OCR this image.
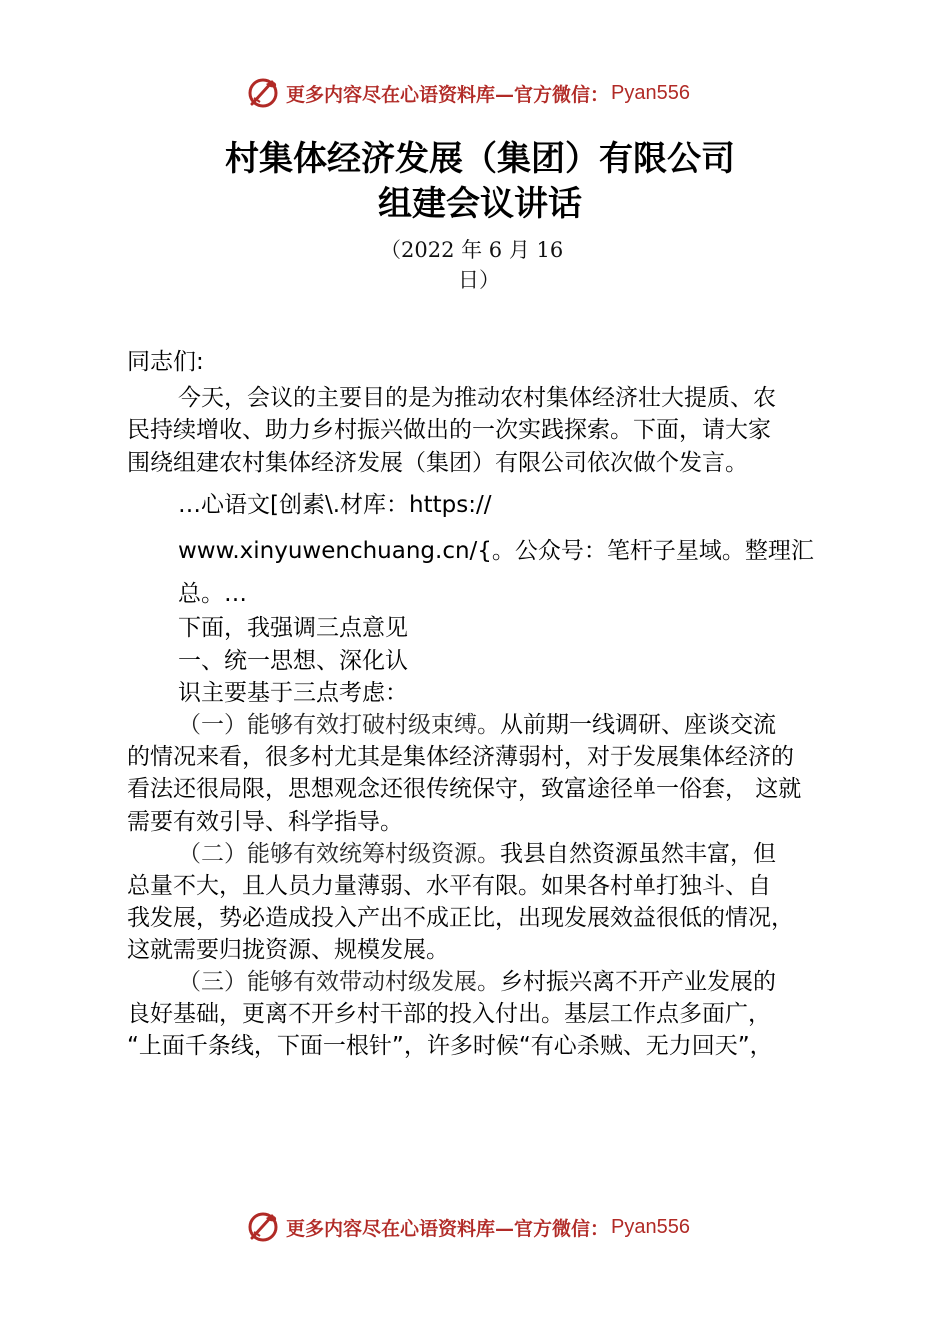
更多内容尽在心语资料库—官方微信： Pyan556
村集体经济发展（集团）有限公司
组建会议讲话
（2022 年 6 月 16
日）
同志们:
今天，会议的主要目的是为推动农村集体经济壮大提质、农
民持续增收、助力乡村振兴做出的一次实践探索。下面，请大家
围绕组建农村集体经济发展（集团）有限公司依次做个发言。
…心语文[创素\.材库：https://
www.xinyuwenchuang.cn/{。公众号：笔杆子星域。整理汇
总。…
下面，我强调三点意见
一、统一思想、深化认
识主要基于三点考虑：
（一）能够有效打破村级束缚。从前期一线调研、座谈交流
的情况来看，很多村尤其是集体经济薄弱村，对于发展集体经济的
看法还很局限，思想观念还很传统保守，致富途径单一俗套， 这就
需要有效引导、科学指导。
（二）能够有效统筹村级资源。我县自然资源虽然丰富，但
总量不大，且人员力量薄弱、水平有限。如果各村单打独斗、自
我发展，势必造成投入产出不成正比，出现发展效益很低的情况，
这就需要归拢资源、规模发展。
（三）能够有效带动村级发展。乡村振兴离不开产业发展的
良好基础，更离不开乡村干部的投入付出。基层工作点多面广，
“上面千条线，下面一根针”，许多时候“有心杀贼、无力回天”，
更多内容尽在心语资料库—官方微信： Pyan556
